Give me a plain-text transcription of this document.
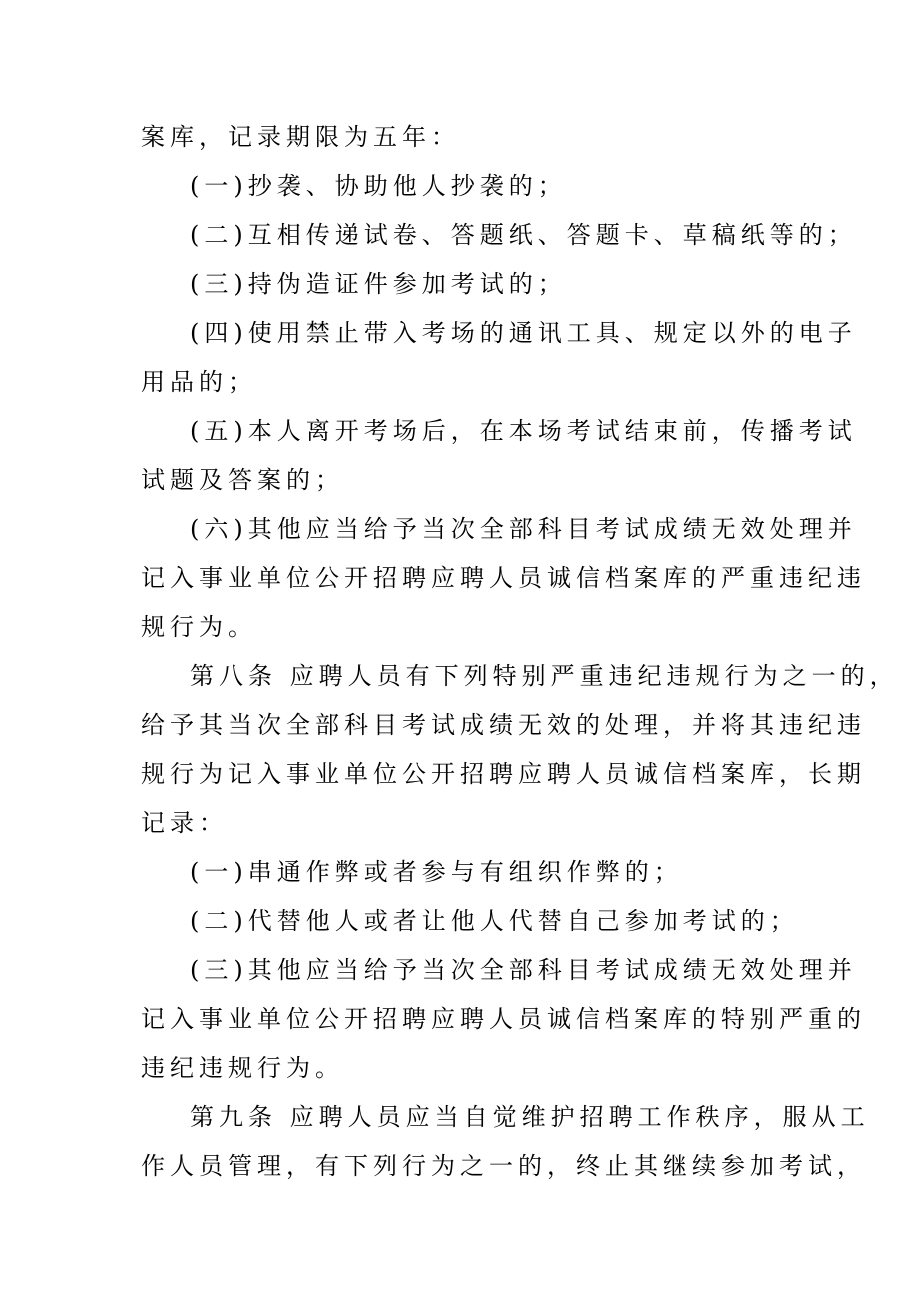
案库，记录期限为五年：
(一)抄袭、协助他人抄袭的；
(二)互相传递试卷、答题纸、答题卡、草稿纸等的；
(三)持伪造证件参加考试的；
(四)使用禁止带入考场的通讯工具、规定以外的电子
用品的；
(五)本人离开考场后，在本场考试结束前，传播考试
试题及答案的；
(六)其他应当给予当次全部科目考试成绩无效处理并
记入事业单位公开招聘应聘人员诚信档案库的严重违纪违
规行为。
第八条 应聘人员有下列特别严重违纪违规行为之一的，
给予其当次全部科目考试成绩无效的处理，并将其违纪违
规行为记入事业单位公开招聘应聘人员诚信档案库，长期
记录：
(一)串通作弊或者参与有组织作弊的；
(二)代替他人或者让他人代替自己参加考试的；
(三)其他应当给予当次全部科目考试成绩无效处理并
记入事业单位公开招聘应聘人员诚信档案库的特别严重的
违纪违规行为。
第九条 应聘人员应当自觉维护招聘工作秩序，服从工
作人员管理，有下列行为之一的，终止其继续参加考试，
